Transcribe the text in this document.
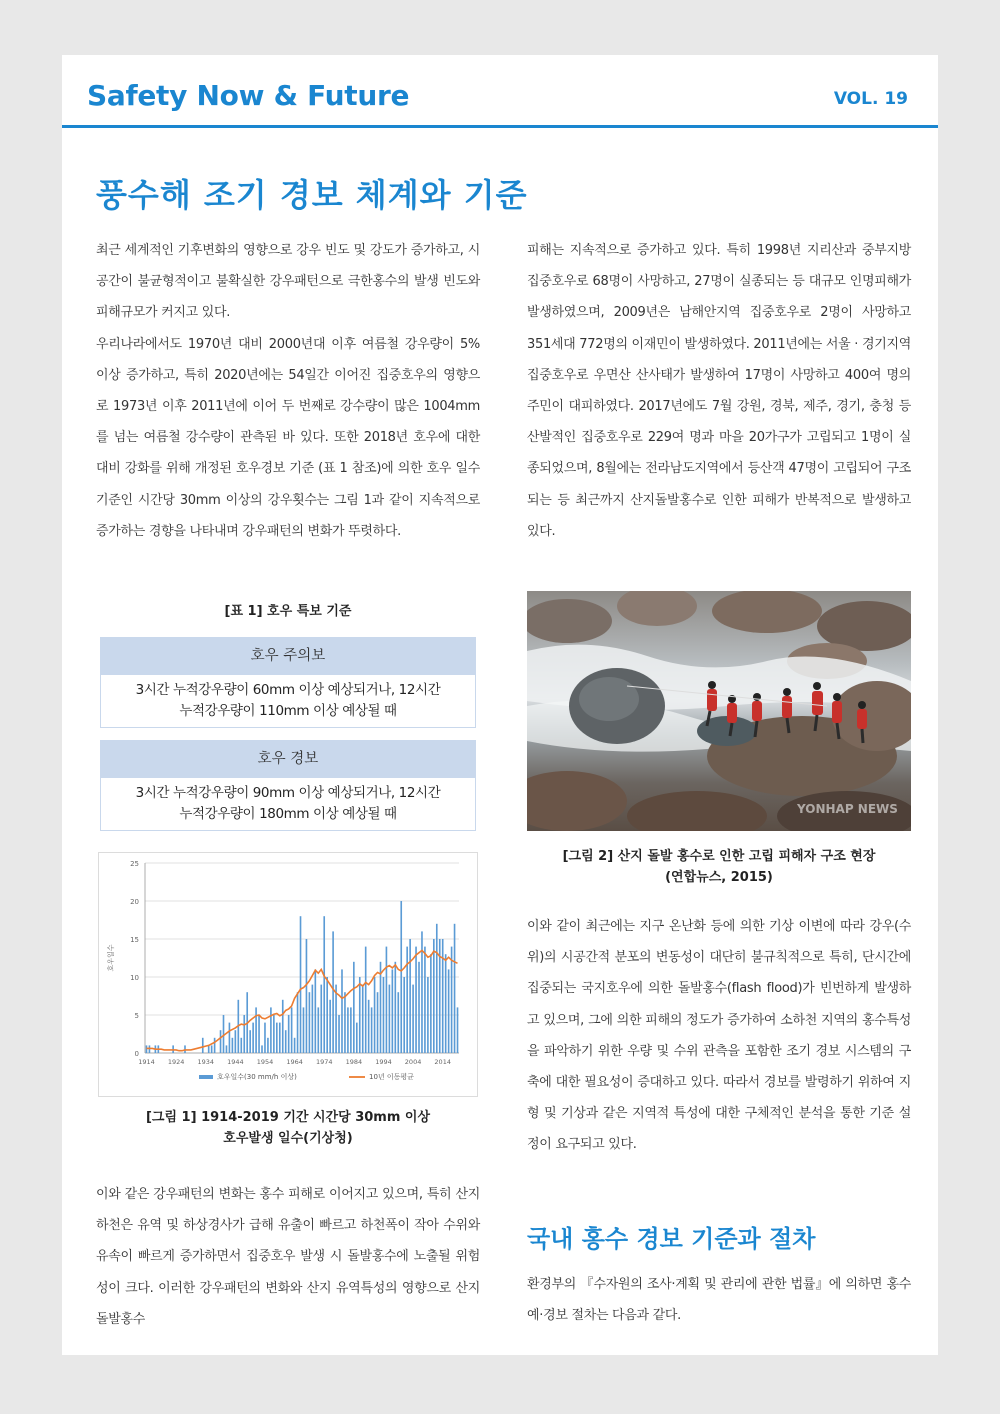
Safety Now & Future	VOL. 19
풍수해 조기 경보 체계와 기준

최근 세계적인 기후변화의 영향으로 강우 빈도 및 강도가 증가하고, 시공간이 불균형적이고 불확실한 강우패턴으로 극한홍수의 발생 빈도와 피해규모가 커지고 있다.

우리나라에서도 1970년 대비 2000년대 이후 여름철 강우량이 5% 이상 증가하고, 특히 2020년에는 54일간 이어진 집중호우의 영향으로 1973년 이후 2011년에 이어 두 번째로 강수량이 많은 1004mm를 넘는 여름철 강수량이 관측된 바 있다. 또한 2018년 호우에 대한 대비 강화를 위해 개정된 호우경보 기준 (표 1 참조)에 의한 호우 일수 기준인 시간당 30mm 이상의 강우횟수는 그림 1과 같이 지속적으로 증가하는 경향을 나타내며 강우패턴의 변화가 뚜렷하다.

[표 1] 호우 특보 기준
호우 주의보
3시간 누적강우량이 60mm 이상 예상되거나, 12시간
누적강우량이 110mm 이상 예상될 때
호우 경보
3시간 누적강우량이 90mm 이상 예상되거나, 12시간
누적강우량이 180mm 이상 예상될 때
0
5
10
15
20
25
1914 1924 1934 1944 1954 1964 1974 1984 1994 2004 2014
호우일수
호우일수(30 mm/h 이상)	10년 이동평균
[그림 1] 1914-2019 기간 시간당 30mm 이상
호우발생 일수(기상청)

이와 같은 강우패턴의 변화는 홍수 피해로 이어지고 있으며, 특히 산지하천은 유역 및 하상경사가 급해 유출이 빠르고 하천폭이 작아 수위와 유속이 빠르게 증가하면서 집중호우 발생 시 돌발홍수에 노출될 위험성이 크다. 이러한 강우패턴의 변화와 산지 유역특성의 영향으로 산지돌발홍수

피해는 지속적으로 증가하고 있다. 특히 1998년 지리산과 중부지방 집중호우로 68명이 사망하고, 27명이 실종되는 등 대규모 인명피해가 발생하였으며, 2009년은 남해안지역 집중호우로 2명이 사망하고 351세대 772명의 이재민이 발생하였다. 2011년에는 서울 · 경기지역 집중호우로 우면산 산사태가 발생하여 17명이 사망하고 400여 명의 주민이 대피하였다. 2017년에도 7월 강원, 경북, 제주, 경기, 충청 등 산발적인 집중호우로 229여 명과 마을 20가구가 고립되고 1명이 실종되었으며, 8월에는 전라남도지역에서 등산객 47명이 고립되어 구조되는 등 최근까지 산지돌발홍수로 인한 피해가 반복적으로 발생하고 있다.

YONHAP NEWS
[그림 2] 산지 돌발 홍수로 인한 고립 피해자 구조 현장
(연합뉴스, 2015)

이와 같이 최근에는 지구 온난화 등에 의한 기상 이변에 따라 강우(수위)의 시공간적 분포의 변동성이 대단히 불규칙적으로 특히, 단시간에 집중되는 국지호우에 의한 돌발홍수(flash flood)가 빈번하게 발생하고 있으며, 그에 의한 피해의 정도가 증가하여 소하천 지역의 홍수특성을 파악하기 위한 우량 및 수위 관측을 포함한 조기 경보 시스템의 구축에 대한 필요성이 증대하고 있다. 따라서 경보를 발령하기 위하여 지형 및 기상과 같은 지역적 특성에 대한 구체적인 분석을 통한 기준 설정이 요구되고 있다.

국내 홍수 경보 기준과 절차

환경부의 『수자원의 조사·계획 및 관리에 관한 법률』에 의하면 홍수 예·경보 절차는 다음과 같다.
